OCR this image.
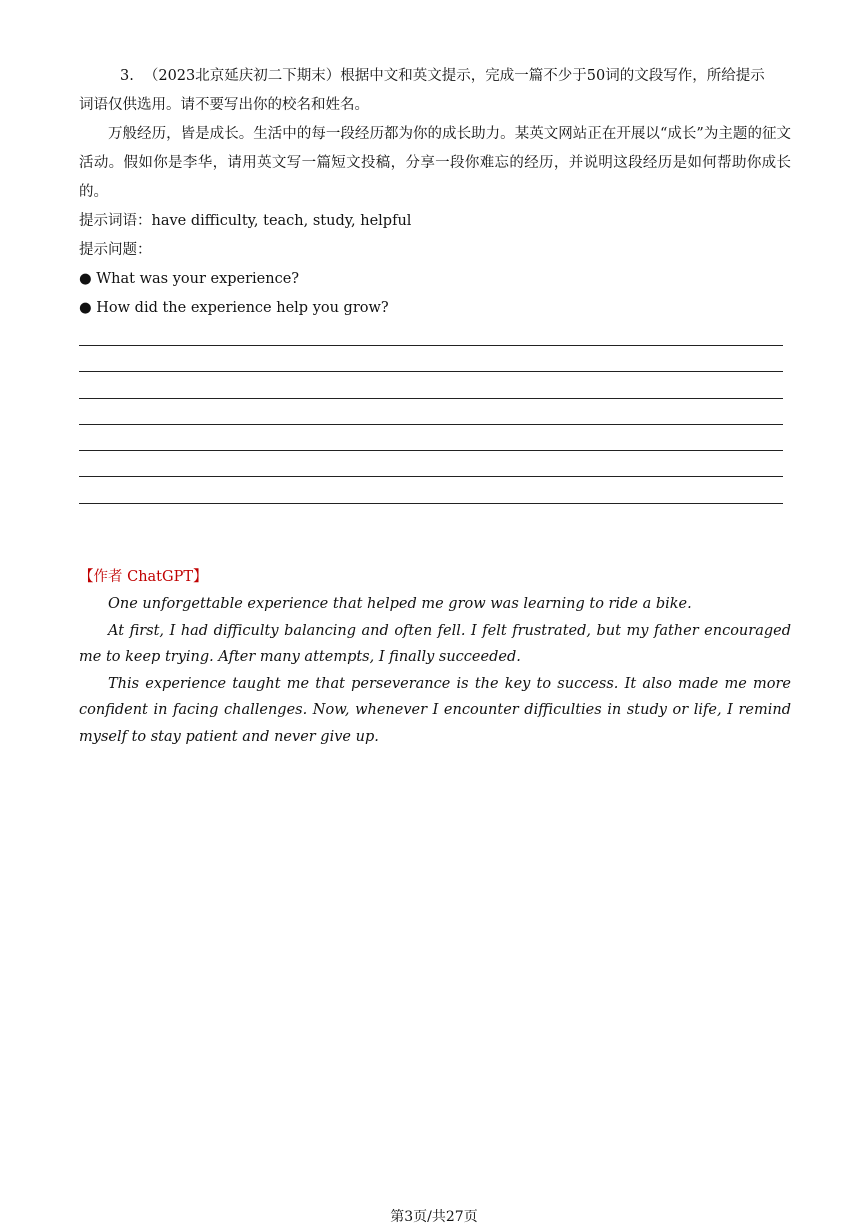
3. （2023北京延庆初二下期末）根据中文和英文提示，完成一篇不少于50词的文段写作，所给提示

词语仅供选用。请不要写出你的校名和姓名。

万般经历，皆是成长。生活中的每一段经历都为你的成长助力。某英文网站正在开展以“成长”为主题的征文活动。假如你是李华，请用英文写一篇短文投稿，分享一段你难忘的经历，并说明这段经历是如何帮助你成长的。

提示词语：have difficulty, teach, study, helpful

提示问题：

● What was your experience?

● How did the experience help you grow?

【作者 ChatGPT】

One unforgettable experience that helped me grow was learning to ride a bike.

At first, I had difficulty balancing and often fell. I felt frustrated, but my father encouraged me to keep trying. After many attempts, I finally succeeded.

This experience taught me that perseverance is the key to success. It also made me more confident in facing challenges. Now, whenever I encounter difficulties in study or life, I remind myself to stay patient and never give up.

第3页/共27页
